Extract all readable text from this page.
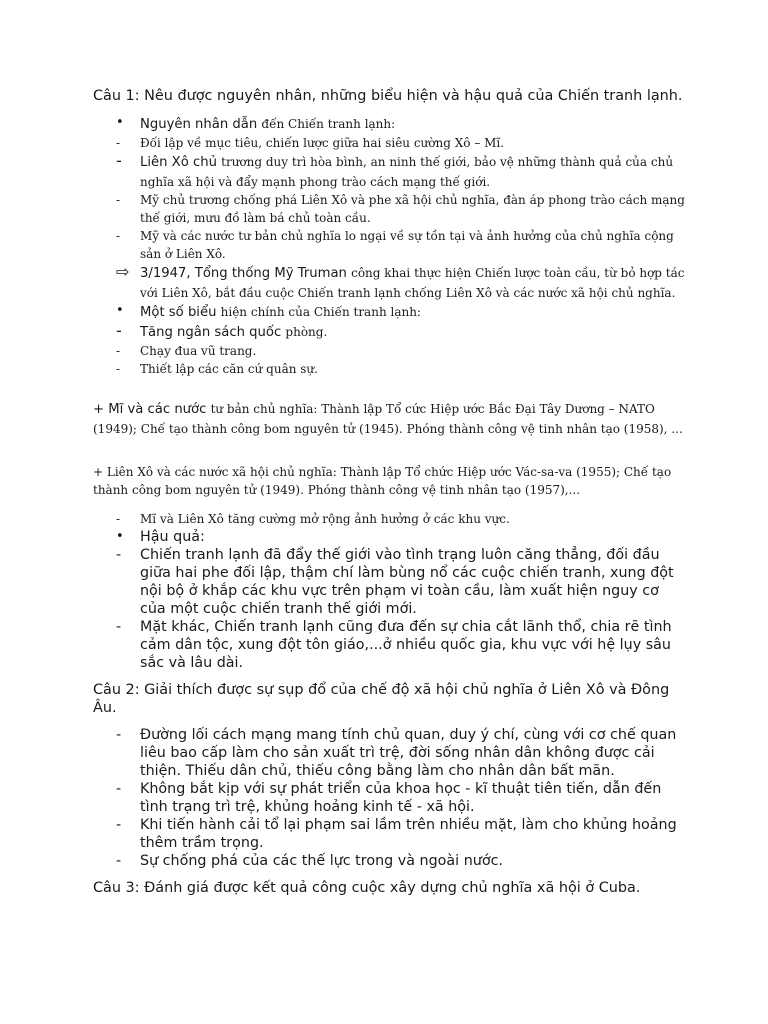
Câu 1: Nêu được nguyên nhân, những biểu hiện và hậu quả của Chiến tranh lạnh.
• Nguyên nhân dẫn đến Chiến tranh lạnh:
- Đối lập về mục tiêu, chiến lược giữa hai siêu cường Xô – Mĩ.
- Liên Xô chủ trương duy trì hòa bình, an ninh thế giới, bảo vệ những thành quả của chủ nghĩa xã hội và đẩy mạnh phong trào cách mạng thế giới.
- Mỹ chủ trương chống phá Liên Xô và phe xã hội chủ nghĩa, đàn áp phong trào cách mạng thế giới, mưu đồ làm bá chủ toàn cầu.
- Mỹ và các nước tư bản chủ nghĩa lo ngại về sự tồn tại và ảnh hưởng của chủ nghĩa cộng sản ở Liên Xô.
⇨ 3/1947, Tổng thống Mỹ Truman công khai thực hiện Chiến lược toàn cầu, từ bỏ hợp tác với Liên Xô, bắt đầu cuộc Chiến tranh lạnh chống Liên Xô và các nước xã hội chủ nghĩa.
• Một số biểu hiện chính của Chiến tranh lạnh:
- Tăng ngân sách quốc phòng.
- Chạy đua vũ trang.
- Thiết lập các căn cứ quân sự.
+ Mĩ và các nước tư bản chủ nghĩa: Thành lập Tổ cức Hiệp ước Bắc Đại Tây Dương – NATO (1949); Chế tạo thành công bom nguyên tử (1945). Phóng thành công vệ tinh nhân tạo (1958), ...
+ Liên Xô và các nước xã hội chủ nghĩa: Thành lập Tổ chức Hiệp ước Vác-sa-va (1955); Chế tạo thành công bom nguyên tử (1949). Phóng thành công vệ tinh nhân tạo (1957),...
- Mĩ và Liên Xô tăng cường mở rộng ảnh hưởng ở các khu vực.
• Hậu quả:
- Chiến tranh lạnh đã đẩy thế giới vào tình trạng luôn căng thẳng, đối đầu giữa hai phe đối lập, thậm chí làm bùng nổ các cuộc chiến tranh, xung đột nội bộ ở khắp các khu vực trên phạm vi toàn cầu, làm xuất hiện nguy cơ của một cuộc chiến tranh thế giới mới.
- Mặt khác, Chiến tranh lạnh cũng đưa đến sự chia cắt lãnh thổ, chia rẽ tình cảm dân tộc, xung đột tôn giáo,...ở nhiều quốc gia, khu vực với hệ lụy sâu sắc và lâu dài.
Câu 2: Giải thích được sự sụp đổ của chế độ xã hội chủ nghĩa ở Liên Xô và Đông Âu.
- Đường lối cách mạng mang tính chủ quan, duy ý chí, cùng với cơ chế quan liêu bao cấp làm cho sản xuất trì trệ, đời sống nhân dân không được cải thiện. Thiếu dân chủ, thiếu công bằng làm cho nhân dân bất mãn.
- Không bắt kịp với sự phát triển của khoa học - kĩ thuật tiên tiến, dẫn đến tình trạng trì trệ, khủng hoảng kinh tế - xã hội.
- Khi tiến hành cải tổ lại phạm sai lầm trên nhiều mặt, làm cho khủng hoảng thêm trầm trọng.
- Sự chống phá của các thế lực trong và ngoài nước.
Câu 3: Đánh giá được kết quả công cuộc xây dựng chủ nghĩa xã hội ở Cuba.
